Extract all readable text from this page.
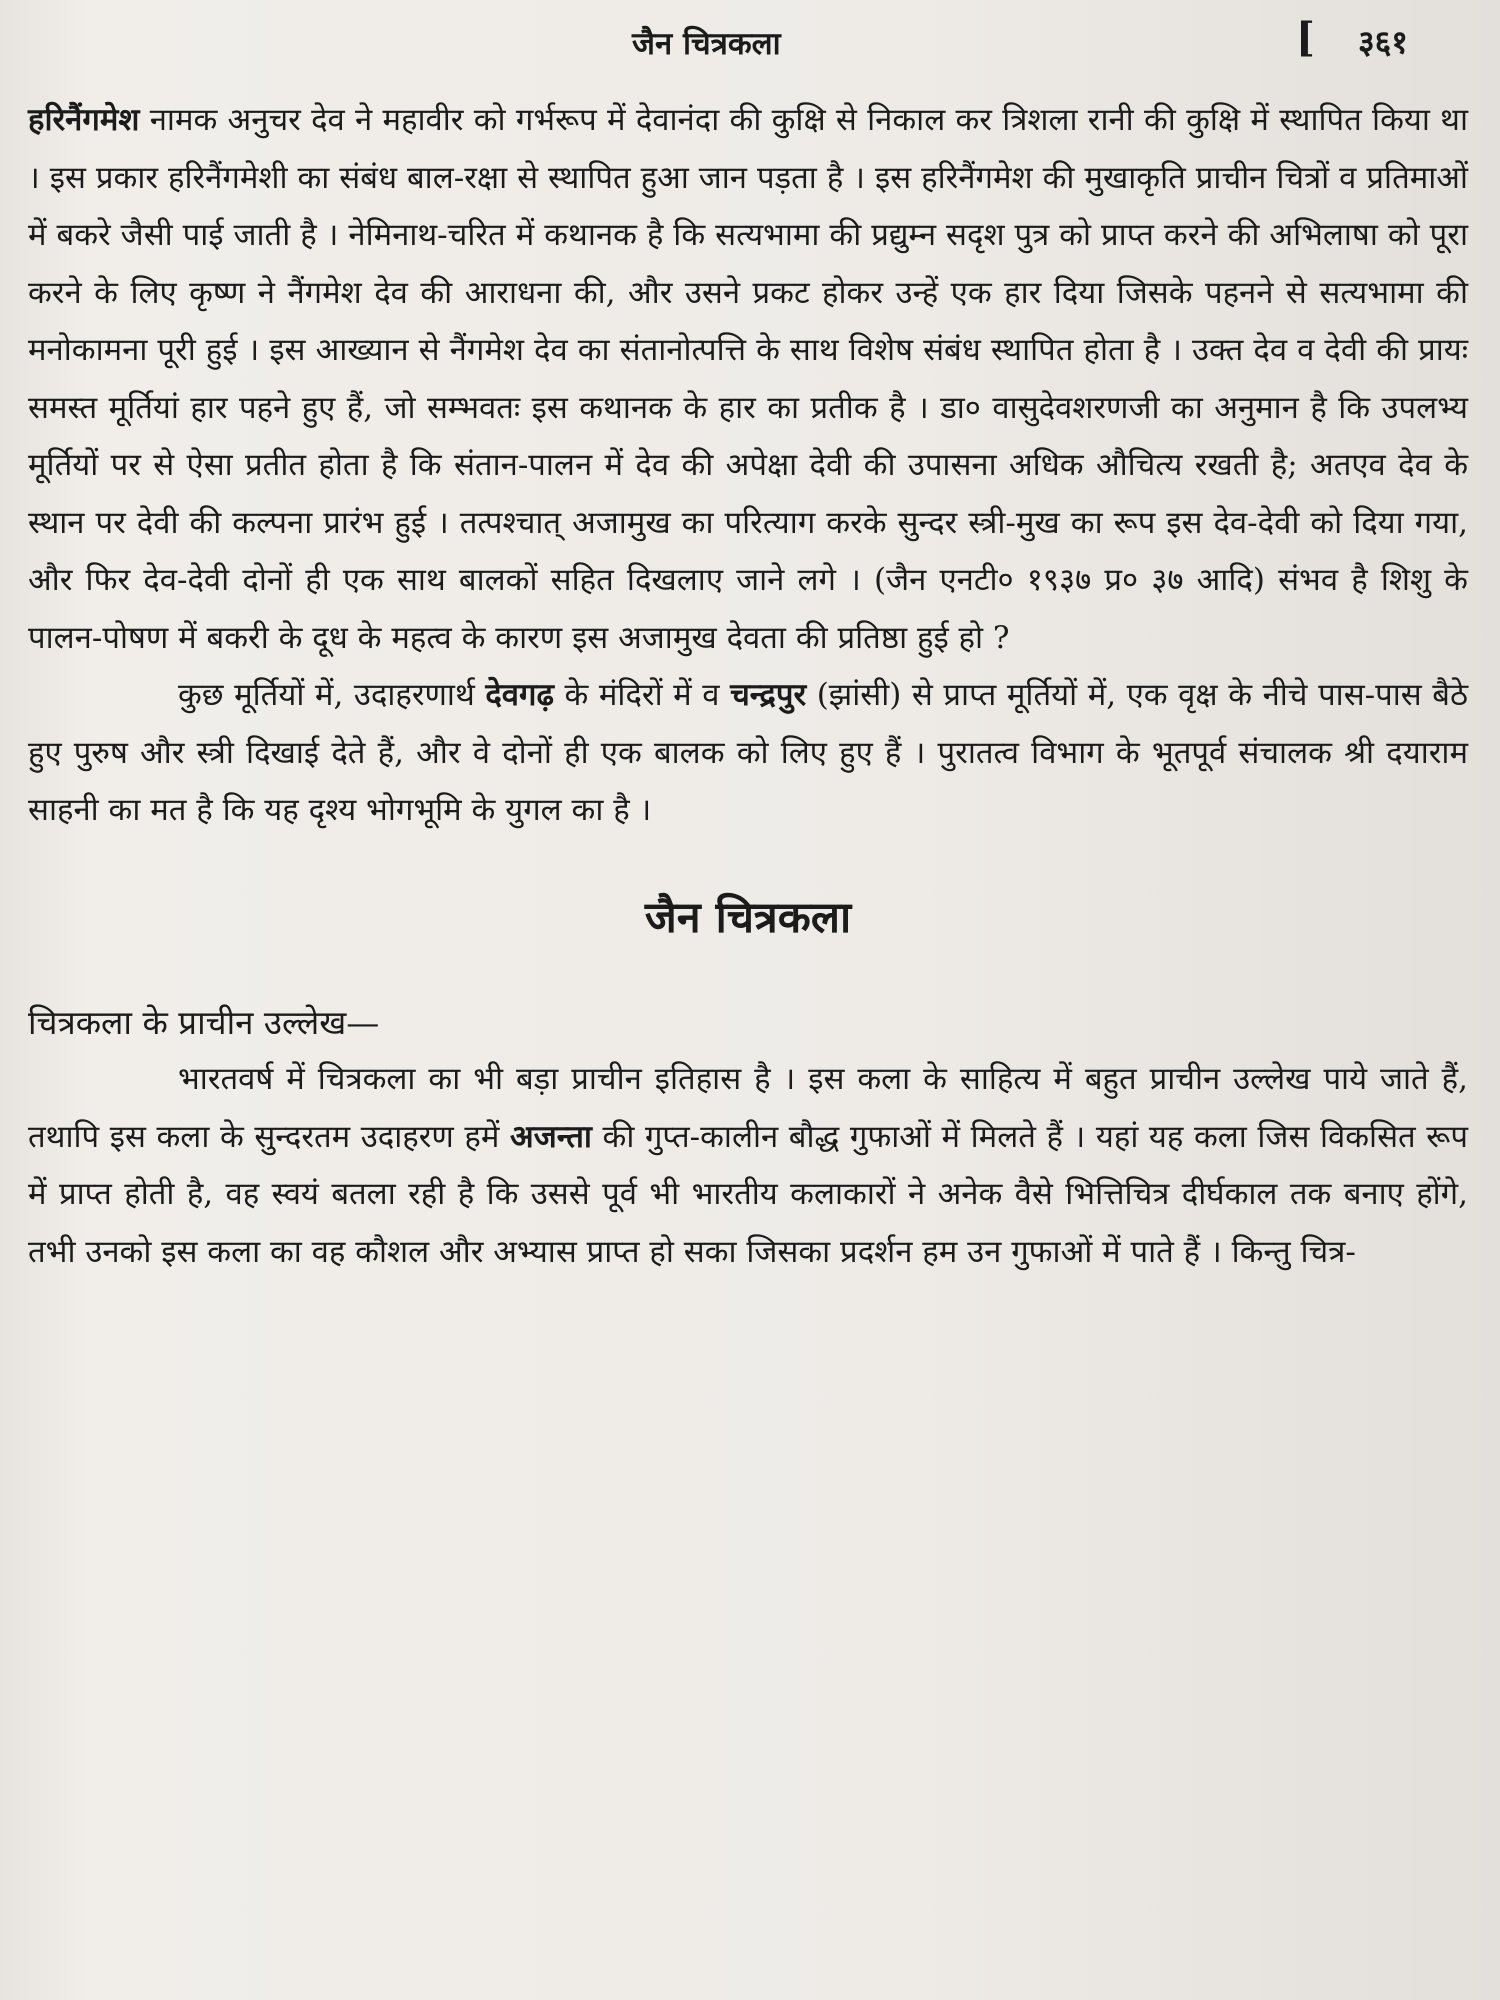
जैन चित्रकला	[ ३६१

हरिनैंगमेश नामक अनुचर देव ने महावीर को गर्भरूप में देवानंदा की कुक्षि से निकाल कर त्रिशला रानी की कुक्षि में स्थापित किया था । इस प्रकार हरिनैंगमेशी का संबंध बाल-रक्षा से स्थापित हुआ जान पड़ता है । इस हरिनैंगमेश की मुखाकृति प्राचीन चित्रों व प्रतिमाओं में बकरे जैसी पाई जाती है । नेमिनाथ-चरित में कथानक है कि सत्यभामा की प्रद्युम्न सदृश पुत्र को प्राप्त करने की अभिलाषा को पूरा करने के लिए कृष्ण ने नैंगमेश देव की आराधना की, और उसने प्रकट होकर उन्हें एक हार दिया जिसके पहनने से सत्यभामा की मनोकामना पूरी हुई । इस आख्यान से नैंगमेश देव का संतानोत्पत्ति के साथ विशेष संबंध स्थापित होता है । उक्त देव व देवी की प्रायः समस्त मूर्तियां हार पहने हुए हैं, जो सम्भवतः इस कथानक के हार का प्रतीक है । डा० वासुदेवशरणजी का अनुमान है कि उपलभ्य मूर्तियों पर से ऐसा प्रतीत होता है कि संतान-पालन में देव की अपेक्षा देवी की उपासना अधिक औचित्य रखती है; अतएव देव के स्थान पर देवी की कल्पना प्रारंभ हुई । तत्पश्चात् अजामुख का परित्याग करके सुन्दर स्त्री-मुख का रूप इस देव-देवी को दिया गया, और फिर देव-देवी दोनों ही एक साथ बालकों सहित दिखलाए जाने लगे । (जैन एनटी० १९३७ प्र० ३७ आदि) संभव है शिशु के पालन-पोषण में बकरी के दूध के महत्व के कारण इस अजामुख देवता की प्रतिष्ठा हुई हो ?

कुछ मूर्तियों में, उदाहरणार्थ देवगढ़ के मंदिरों में व चन्द्रपुर (झांसी) से प्राप्त मूर्तियों में, एक वृक्ष के नीचे पास-पास बैठे हुए पुरुष और स्त्री दिखाई देते हैं, और वे दोनों ही एक बालक को लिए हुए हैं । पुरातत्व विभाग के भूतपूर्व संचालक श्री दयाराम साहनी का मत है कि यह दृश्य भोगभूमि के युगल का है ।

जैन चित्रकला

चित्रकला के प्राचीन उल्लेख—

भारतवर्ष में चित्रकला का भी बड़ा प्राचीन इतिहास है । इस कला के साहित्य में बहुत प्राचीन उल्लेख पाये जाते हैं, तथापि इस कला के सुन्दरतम उदाहरण हमें अजन्ता की गुप्त-कालीन बौद्ध गुफाओं में मिलते हैं । यहां यह कला जिस विकसित रूप में प्राप्त होती है, वह स्वयं बतला रही है कि उससे पूर्व भी भारतीय कलाकारों ने अनेक वैसे भित्तिचित्र दीर्घकाल तक बनाए होंगे, तभी उनको इस कला का वह कौशल और अभ्यास प्राप्त हो सका जिसका प्रदर्शन हम उन गुफाओं में पाते हैं । किन्तु चित्र-
